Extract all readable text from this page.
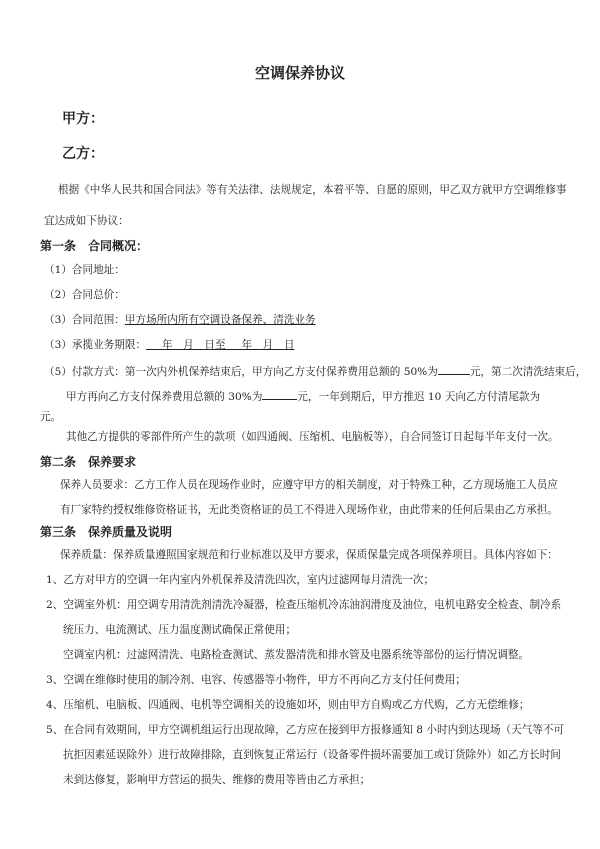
空调保养协议
甲方：
乙方：
根据《中华人民共和国合同法》等有关法律、法规规定，本着平等、自愿的原则，甲乙双方就甲方空调维修事
宜达成如下协议：
第一条　合同概况：
（1）合同地址：
（2）合同总价：
（3）合同范围：甲方场所内所有空调设备保养、清洗业务
（3）承揽业务期限：   年  月  日至   年  月  日
（5）付款方式：第一次内外机保养结束后，甲方向乙方支付保养费用总额的 50%为	元，第二次清洗结束后，
甲方再向乙方支付保养费用总额的 30%为	元，一年到期后，甲方推迟 10 天向乙方付清尾款为
元。
其他乙方提供的零部件所产生的款项（如四通阀、压缩机、电脑板等），自合同签订日起每半年支付一次。
第二条　保养要求
保养人员要求：乙方工作人员在现场作业时，应遵守甲方的相关制度，对于特殊工种，乙方现场施工人员应
有厂家特约授权维修资格证书，无此类资格证的员工不得进入现场作业，由此带来的任何后果由乙方承担。
第三条　保养质量及说明
保养质量：保养质量遵照国家规范和行业标准以及甲方要求，保质保量完成各项保养项目。具体内容如下：
1、乙方对甲方的空调一年内室内外机保养及清洗四次，室内过滤网每月清洗一次；
2、空调室外机：用空调专用清洗剂清洗冷凝器，检查压缩机冷冻油润滑度及油位，电机电路安全检查、制冷系
统压力、电流测试、压力温度测试确保正常使用；
空调室内机：过滤网清洗、电路检查测试、蒸发器清洗和排水管及电器系统等部份的运行情况调整。
3、空调在维修时使用的制冷剂、电容、传感器等小物件，甲方不再向乙方支付任何费用；
4、压缩机、电脑板、四通阀、电机等空调相关的设施如坏，则由甲方自购或乙方代购，乙方无偿维修；
5、在合同有效期间，甲方空调机组运行出现故障，乙方应在接到甲方报修通知 8 小时内到达现场（天气等不可
抗拒因素延误除外）进行故障排除，直到恢复正常运行（设备零件损坏需要加工或订货除外）如乙方长时间
未到达修复，影响甲方营运的损失、维修的费用等皆由乙方承担；
